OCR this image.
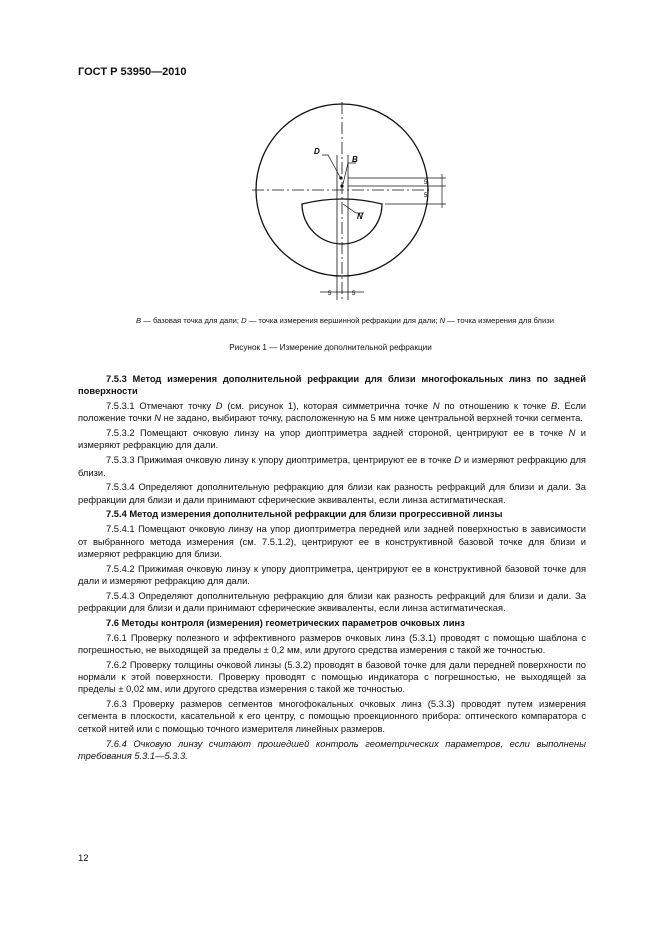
ГОСТ Р 53950—2010
D
B
N
5
5
5	5
B — базовая точка для дали; D — точка измерения вершинной рефракции для дали; N — точка измерения для близи
Рисунок 1 — Измерение дополнительной рефракции

7.5.3 Метод измерения дополнительной рефракции для близи многофокальных линз по задней поверхности

7.5.3.1 Отмечают точку D (см. рисунок 1), которая симметрична точке N по отношению к точке B. Если положение точки N не задано, выбирают точку, расположенную на 5 мм ниже центральной верхней точки сегмента.

7.5.3.2 Помещают очковую линзу на упор диоптриметра задней стороной, центрируют ее в точке N и измеряют рефракцию для дали.

7.5.3.3 Прижимая очковую линзу к упору диоптриметра, центрируют ее в точке D и измеряют рефракцию для близи.

7.5.3.4 Определяют дополнительную рефракцию для близи как разность рефракций для близи и дали. За рефракции для близи и дали принимают сферические эквиваленты, если линза астигматическая.

7.5.4 Метод измерения дополнительной рефракции для близи прогрессивной линзы

7.5.4.1 Помещают очковую линзу на упор диоптриметра передней или задней поверхностью в зависимости от выбранного метода измерения (см. 7.5.1.2), центрируют ее в конструктивной базовой точке для близи и измеряют рефракцию для близи.

7.5.4.2 Прижимая очковую линзу к упору диоптриметра, центрируют ее в конструктивной базовой точке для дали и измеряют рефракцию для дали.

7.5.4.3 Определяют дополнительную рефракцию для близи как разность рефракций для близи и дали. За рефракции для близи и дали принимают сферические эквиваленты, если линза астигматическая.

7.6 Методы контроля (измерения) геометрических параметров очковых линз

7.6.1 Проверку полезного и эффективного размеров очковых линз (5.3.1) проводят с помощью шаблона с погрешностью, не выходящей за пределы ± 0,2 мм, или другого средства измерения с такой же точностью.

7.6.2 Проверку толщины очковой линзы (5.3.2) проводят в базовой точке для дали передней поверхности по нормали к этой поверхности. Проверку проводят с помощью индикатора с погрешностью, не выходящей за пределы ± 0,02 мм, или другого средства измерения с такой же точностью.

7.6.3 Проверку размеров сегментов многофокальных очковых линз (5.3.3) проводят путем измерения сегмента в плоскости, касательной к его центру, с помощью проекционного прибора: оптического компаратора с сеткой нитей или с помощью точного измерителя линейных размеров.

7.6.4 Очковую линзу считают прошедшей контроль геометрических параметров, если выполнены требования 5.3.1—5.3.3.

12
